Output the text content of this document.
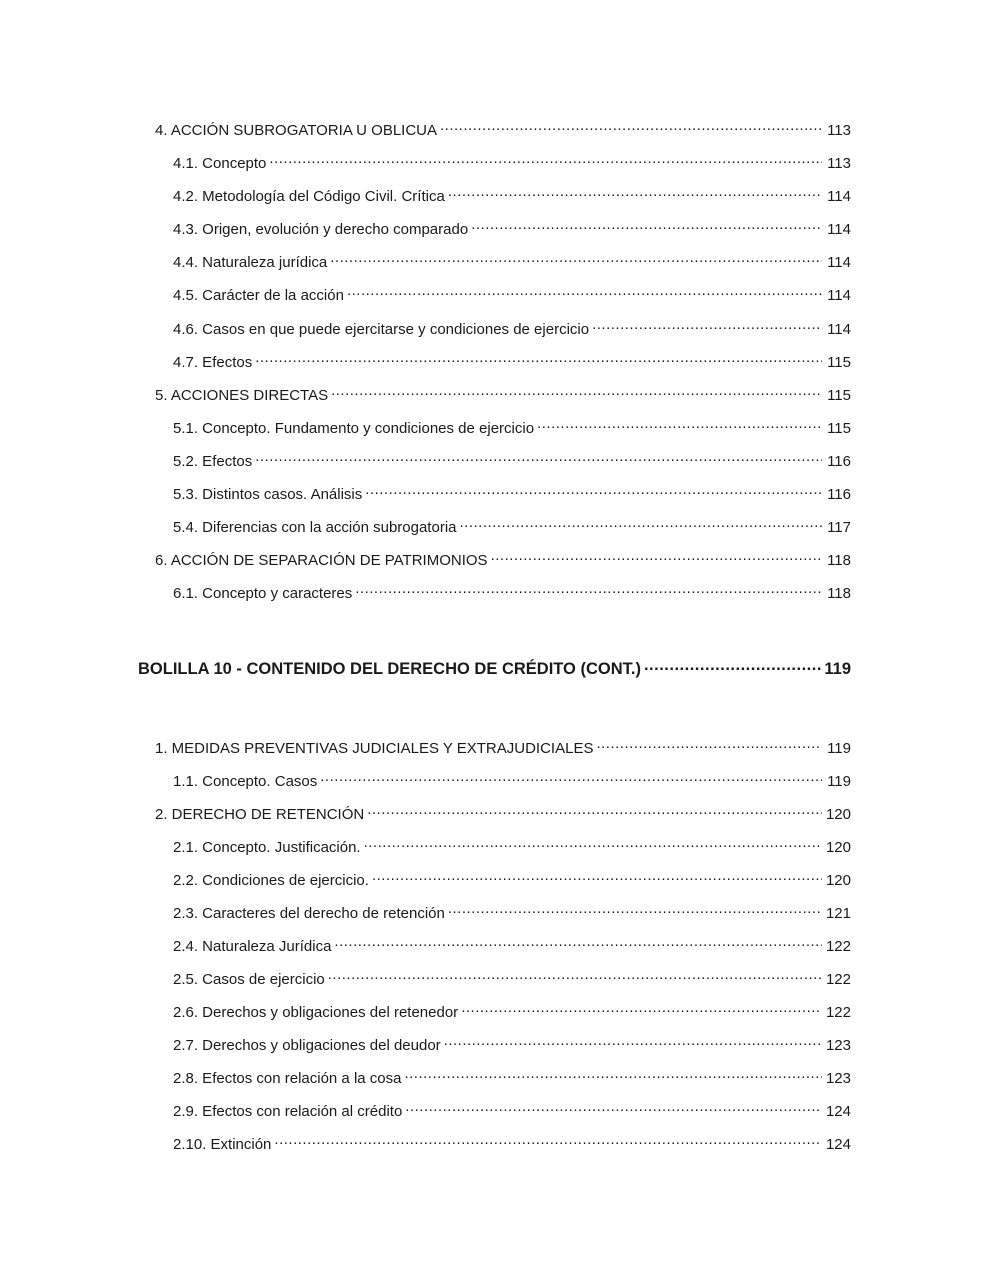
4. ACCIÓN SUBROGATORIA U OBLICUA .....	113
4.1. Concepto .....	113
4.2. Metodología del Código Civil. Crítica .....	114
4.3. Origen, evolución y derecho comparado .....	114
4.4. Naturaleza jurídica .....	114
4.5. Carácter de la acción .....	114
4.6. Casos en que puede ejercitarse y condiciones de ejercicio .....	114
4.7. Efectos .....	115
5. ACCIONES DIRECTAS .....	115
5.1. Concepto. Fundamento y condiciones de ejercicio .....	115
5.2. Efectos .....	116
5.3. Distintos casos. Análisis .....	116
5.4. Diferencias con la acción subrogatoria .....	117
6. ACCIÓN DE SEPARACIÓN DE PATRIMONIOS .....	118
6.1. Concepto y caracteres .....	118
BOLILLA 10 - CONTENIDO DEL DERECHO DE CRÉDITO (CONT.) .....	119
1. MEDIDAS PREVENTIVAS JUDICIALES Y EXTRAJUDICIALES .....	119
1.1. Concepto. Casos .....	119
2. DERECHO DE RETENCIÓN .....	120
2.1. Concepto. Justificación. .....	120
2.2. Condiciones de ejercicio. .....	120
2.3. Caracteres del derecho de retención .....	121
2.4. Naturaleza Jurídica .....	122
2.5. Casos de ejercicio .....	122
2.6. Derechos y obligaciones del retenedor .....	122
2.7. Derechos y obligaciones del deudor .....	123
2.8. Efectos con relación a la cosa .....	123
2.9. Efectos con relación al crédito .....	124
2.10. Extinción .....	124
